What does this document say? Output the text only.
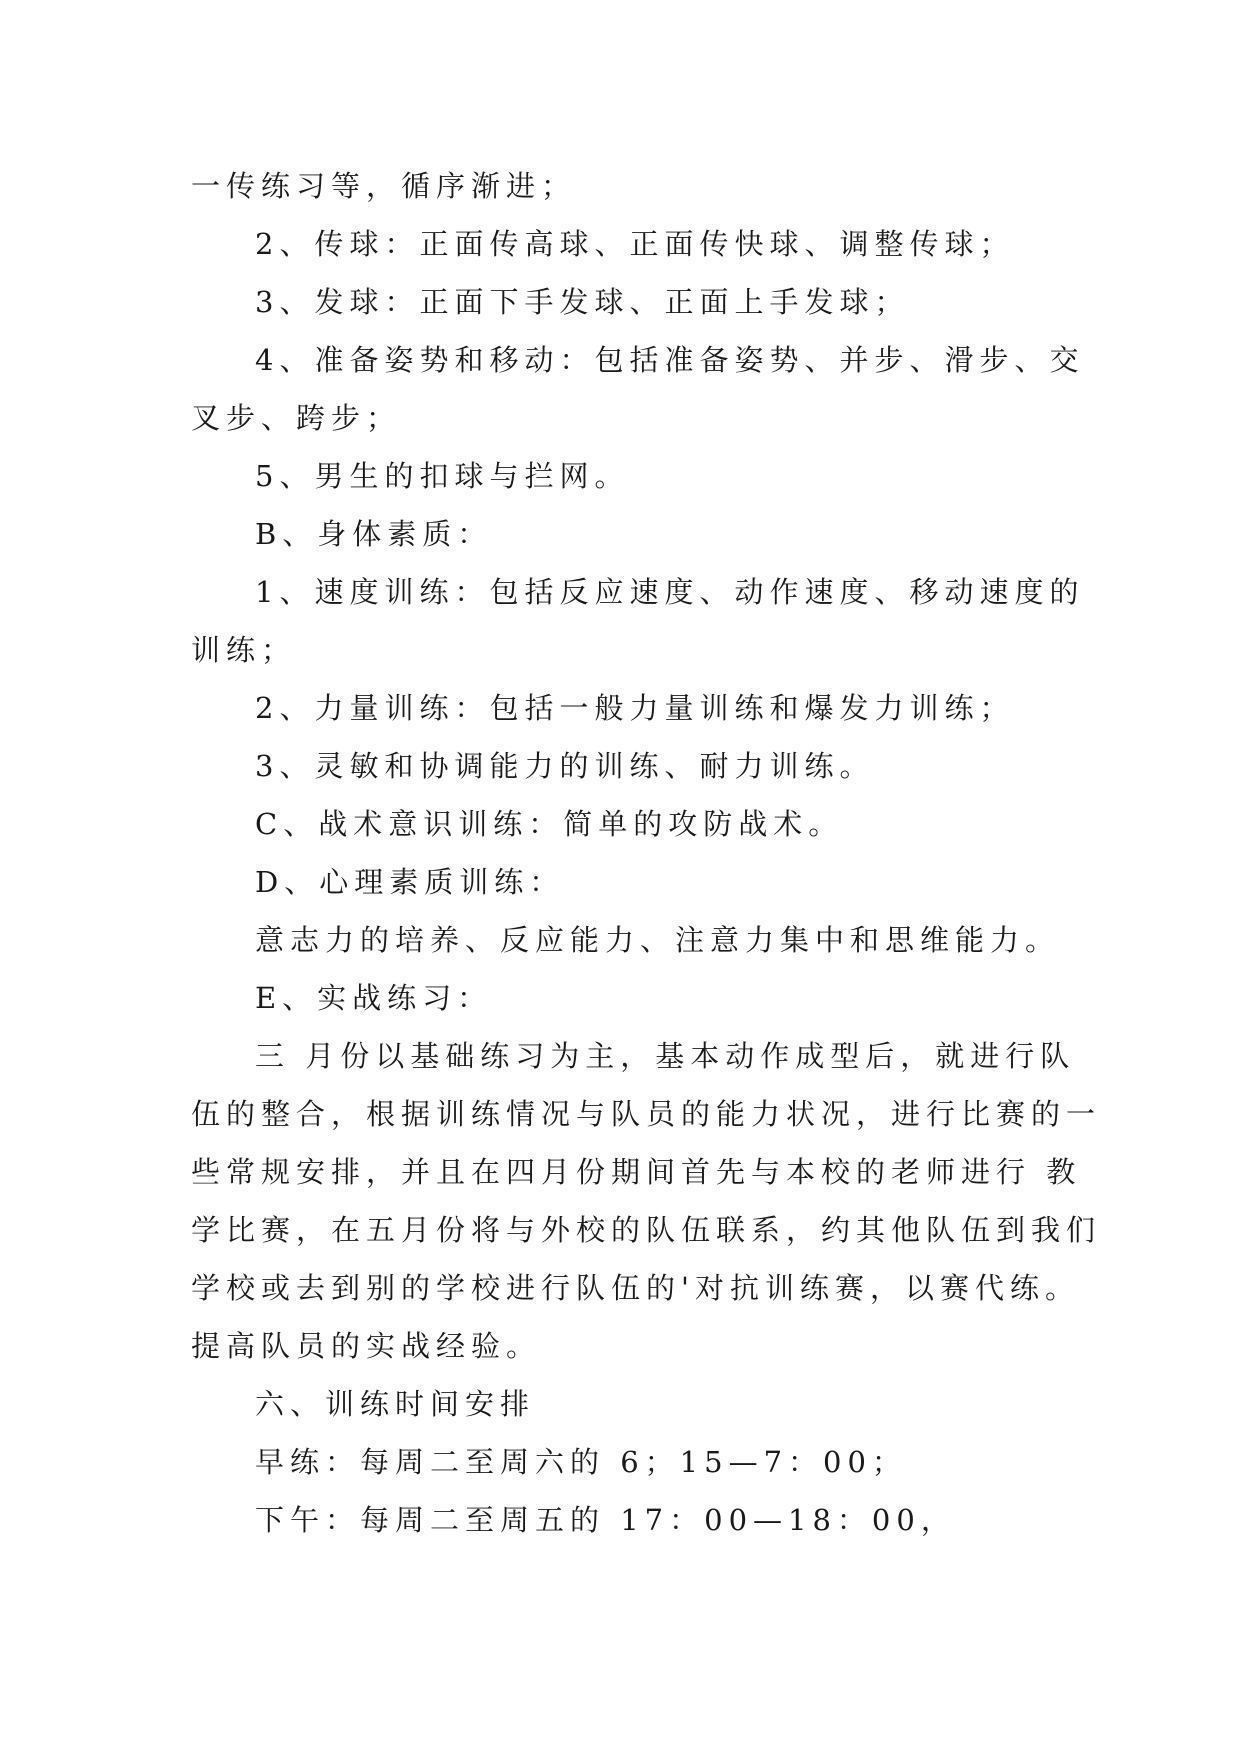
一传练习等，循序渐进；

2、传球：正面传高球、正面传快球、调整传球；

3、发球：正面下手发球、正面上手发球；

4、准备姿势和移动：包括准备姿势、并步、滑步、交

叉步、跨步；

5、男生的扣球与拦网。

B、身体素质：

1、速度训练：包括反应速度、动作速度、移动速度的

训练；

2、力量训练：包括一般力量训练和爆发力训练；

3、灵敏和协调能力的训练、耐力训练。

C、战术意识训练：简单的攻防战术。

D、心理素质训练：

意志力的培养、反应能力、注意力集中和思维能力。

E、实战练习：

三 月份以基础练习为主，基本动作成型后，就进行队

伍的整合，根据训练情况与队员的能力状况，进行比赛的一

些常规安排，并且在四月份期间首先与本校的老师进行 教

学比赛，在五月份将与外校的队伍联系，约其他队伍到我们

学校或去到别的学校进行队伍的'对抗训练赛，以赛代练。

提高队员的实战经验。

六、训练时间安排

早练：每周二至周六的 6；15—7：00；

下午：每周二至周五的 17：00—18：00，
